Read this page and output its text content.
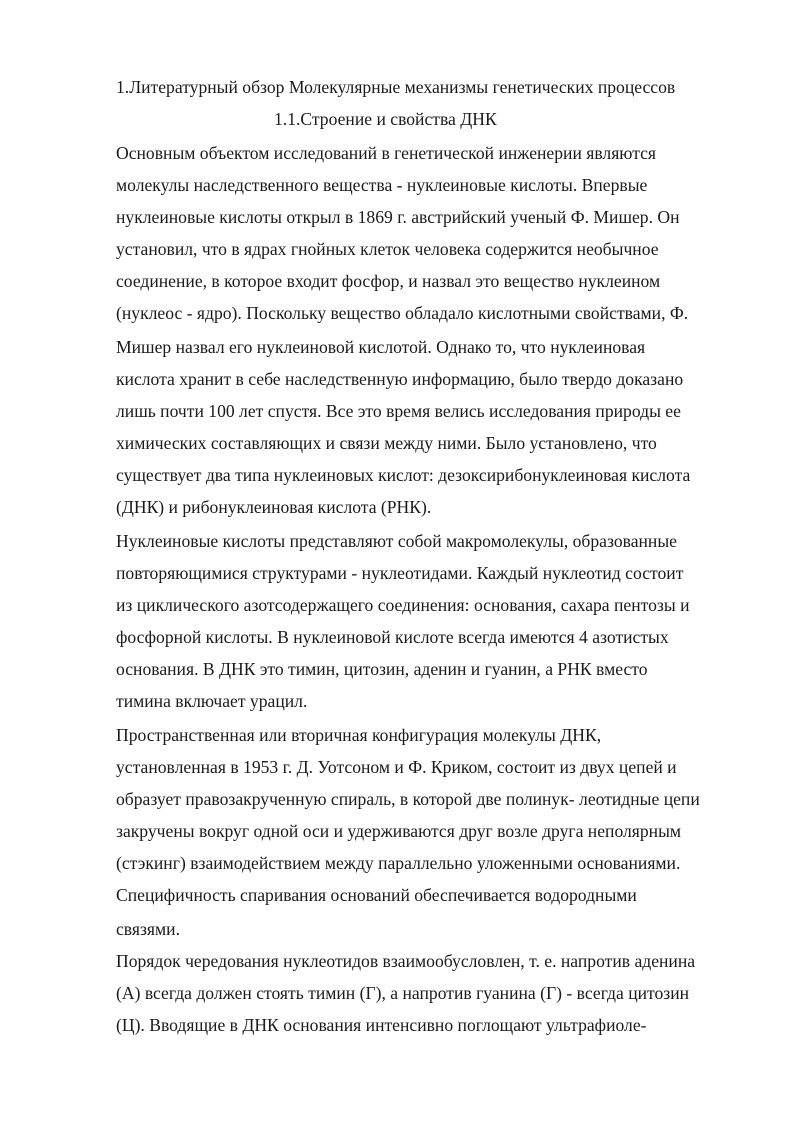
1.Литературный обзор Молекулярные механизмы генетических процессов
1.1.Строение и свойства ДНК
Основным объектом исследований в генетической инженерии являются
молекулы наследственного вещества - нуклеиновые кислоты. Впервые
нуклеиновые кислоты открыл в 1869 г. австрийский ученый Ф. Мишер. Он
установил, что в ядрах гнойных клеток человека содержится необычное
соединение, в которое входит фосфор, и назвал это вещество нуклеином
(нуклеос - ядро). Поскольку вещество обладало кислотными свойствами, Ф.
Мишер назвал его нуклеиновой кислотой. Однако то, что нуклеиновая
кислота хранит в себе наследственную информацию, было твердо доказано
лишь почти 100 лет спустя. Все это время велись исследования природы ее
химических составляющих и связи между ними. Было установлено, что
существует два типа нуклеиновых кислот: дезоксирибонуклеиновая кислота
(ДНК) и рибонуклеиновая кислота (РНК).
Нуклеиновые кислоты представляют собой макромолекулы, образованные
повторяющимися структурами - нуклеотидами. Каждый нуклеотид состоит
из циклического азотсодержащего соединения: основания, сахара пентозы и
фосфорной кислоты. В нуклеиновой кислоте всегда имеются 4 азотистых
основания. В ДНК это тимин, цитозин, аденин и гуанин, а РНК вместо
тимина включает урацил.
Пространственная или вторичная конфигурация молекулы ДНК,
установленная в 1953 г. Д. Уотсоном и Ф. Криком, состоит из двух цепей и
образует правозакрученную спираль, в которой две полинук- леотидные цепи
закручены вокруг одной оси и удерживаются друг возле друга неполярным
(стэкинг) взаимодействием между параллельно уложенными основаниями.
Специфичность спаривания оснований обеспечивается водородными
связями.
Порядок чередования нуклеотидов взаимообусловлен, т. е. напротив аденина
(А) всегда должен стоять тимин (Г), а напротив гуанина (Г) - всегда цитозин
(Ц). Вводящие в ДНК основания интенсивно поглощают ультрафиоле-
